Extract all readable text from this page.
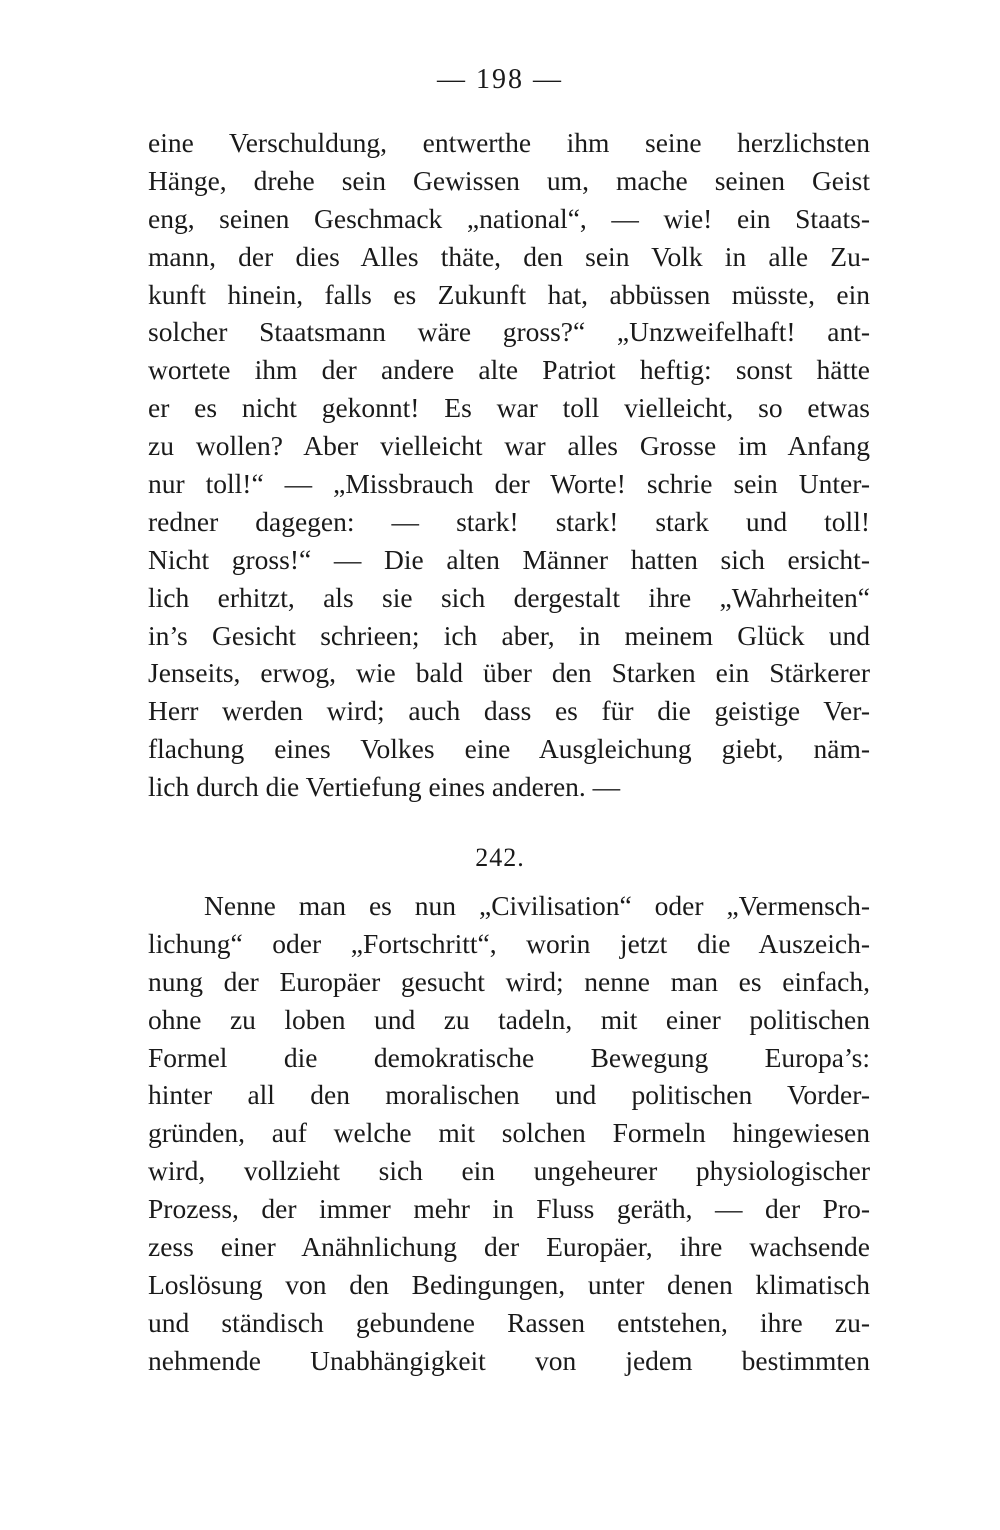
— 198 —
eine Verschuldung, entwerthe ihm seine herzlichsten
Hänge, drehe sein Gewissen um, mache seinen Geist
eng, seinen Geschmack „national“, — wie! ein Staats-
mann, der dies Alles thäte, den sein Volk in alle Zu-
kunft hinein, falls es Zukunft hat, abbüssen müsste, ein
solcher Staatsmann wäre gross?“ „Unzweifelhaft! ant-
wortete ihm der andere alte Patriot heftig: sonst hätte
er es nicht gekonnt! Es war toll vielleicht, so etwas
zu wollen? Aber vielleicht war alles Grosse im Anfang
nur toll!“ — „Missbrauch der Worte! schrie sein Unter-
redner dagegen: — stark! stark! stark und toll!
Nicht gross!“ — Die alten Männer hatten sich ersicht-
lich erhitzt, als sie sich dergestalt ihre „Wahrheiten“
in’s Gesicht schrieen; ich aber, in meinem Glück und
Jenseits, erwog, wie bald über den Starken ein Stärkerer
Herr werden wird; auch dass es für die geistige Ver-
flachung eines Volkes eine Ausgleichung giebt, näm-
lich durch die Vertiefung eines anderen. —
242.
Nenne man es nun „Civilisation“ oder „Vermensch-
lichung“ oder „Fortschritt“, worin jetzt die Auszeich-
nung der Europäer gesucht wird; nenne man es einfach,
ohne zu loben und zu tadeln, mit einer politischen
Formel die demokratische Bewegung Europa’s:
hinter all den moralischen und politischen Vorder-
gründen, auf welche mit solchen Formeln hingewiesen
wird, vollzieht sich ein ungeheurer physiologischer
Prozess, der immer mehr in Fluss geräth, — der Pro-
zess einer Anähnlichung der Europäer, ihre wachsende
Loslösung von den Bedingungen, unter denen klimatisch
und ständisch gebundene Rassen entstehen, ihre zu-
nehmende Unabhängigkeit von jedem bestimmten
